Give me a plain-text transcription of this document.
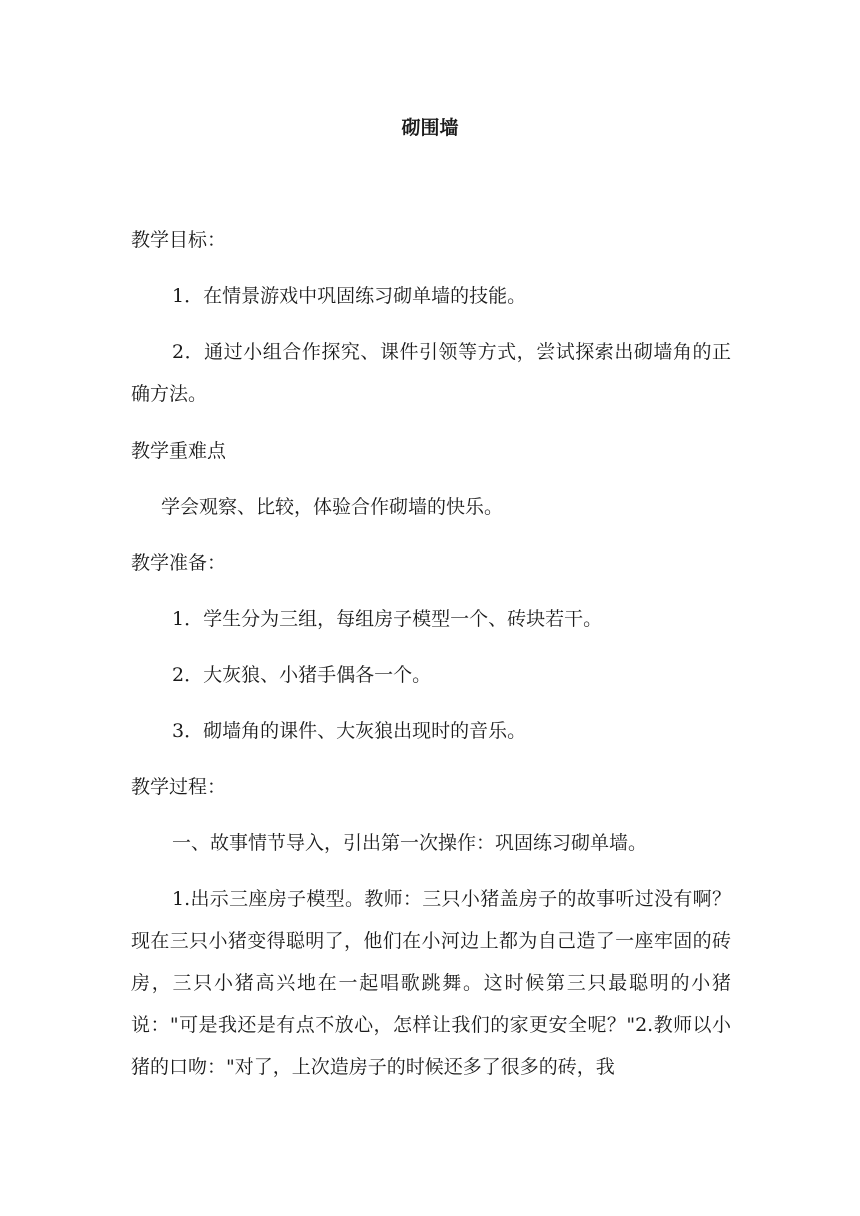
砌围墙
教学目标：
1．在情景游戏中巩固练习砌单墙的技能。

2．通过小组合作探究、课件引领等方式，尝试探索出砌墙角的正确方法。

教学重难点
学会观察、比较，体验合作砌墙的快乐。
教学准备：
1．学生分为三组，每组房子模型一个、砖块若干。
2．大灰狼、小猪手偶各一个。
3．砌墙角的课件、大灰狼出现时的音乐。
教学过程：
一、故事情节导入，引出第一次操作：巩固练习砌单墙。

1.出示三座房子模型。教师：三只小猪盖房子的故事听过没有啊？现在三只小猪变得聪明了，他们在小河边上都为自己造了一座牢固的砖房，三只小猪高兴地在一起唱歌跳舞。这时候第三只最聪明的小猪说："可是我还是有点不放心，怎样让我们的家更安全呢？"2.教师以小猪的口吻："对了，上次造房子的时候还多了很多的砖，我
